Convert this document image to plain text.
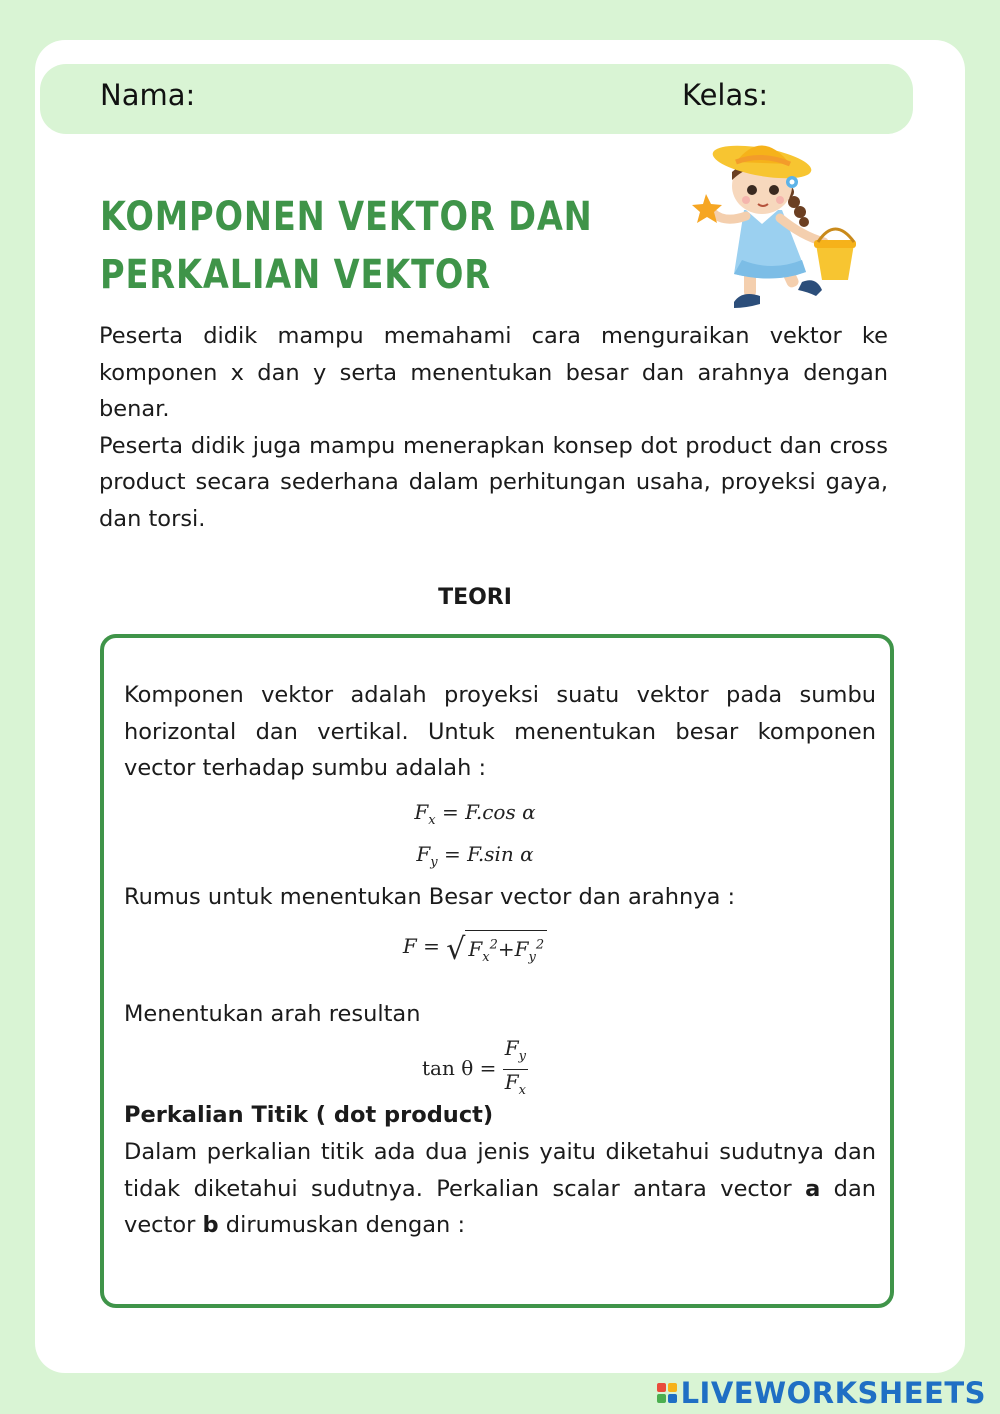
Nama:	Kelas:
KOMPONEN VEKTOR DAN
PERKALIAN VEKTOR

Peserta didik mampu memahami cara menguraikan vektor ke komponen x dan y serta menentukan besar dan arahnya dengan benar.

Peserta didik juga mampu menerapkan konsep dot product dan cross product secara sederhana dalam perhitungan usaha, proyeksi gaya, dan torsi.

TEORI

Komponen vektor adalah proyeksi suatu vektor pada sumbu horizontal dan vertikal. Untuk menentukan besar komponen vector terhadap sumbu adalah :

$F_x = F.\cos$ α
$F_y = F.\sin$ α

Rumus untuk menentukan Besar vector dan arahnya :

F = √ $F_x^2+F_y^2$

Menentukan arah resultan

$\tan \theta = \frac{F_y}{F_x}$

Perkalian Titik ( dot product)

Dalam perkalian titik ada dua jenis yaitu diketahui sudutnya dan tidak diketahui sudutnya. Perkalian scalar antara vector a dan vector b dirumuskan dengan :

LIVEWORKSHEETS
